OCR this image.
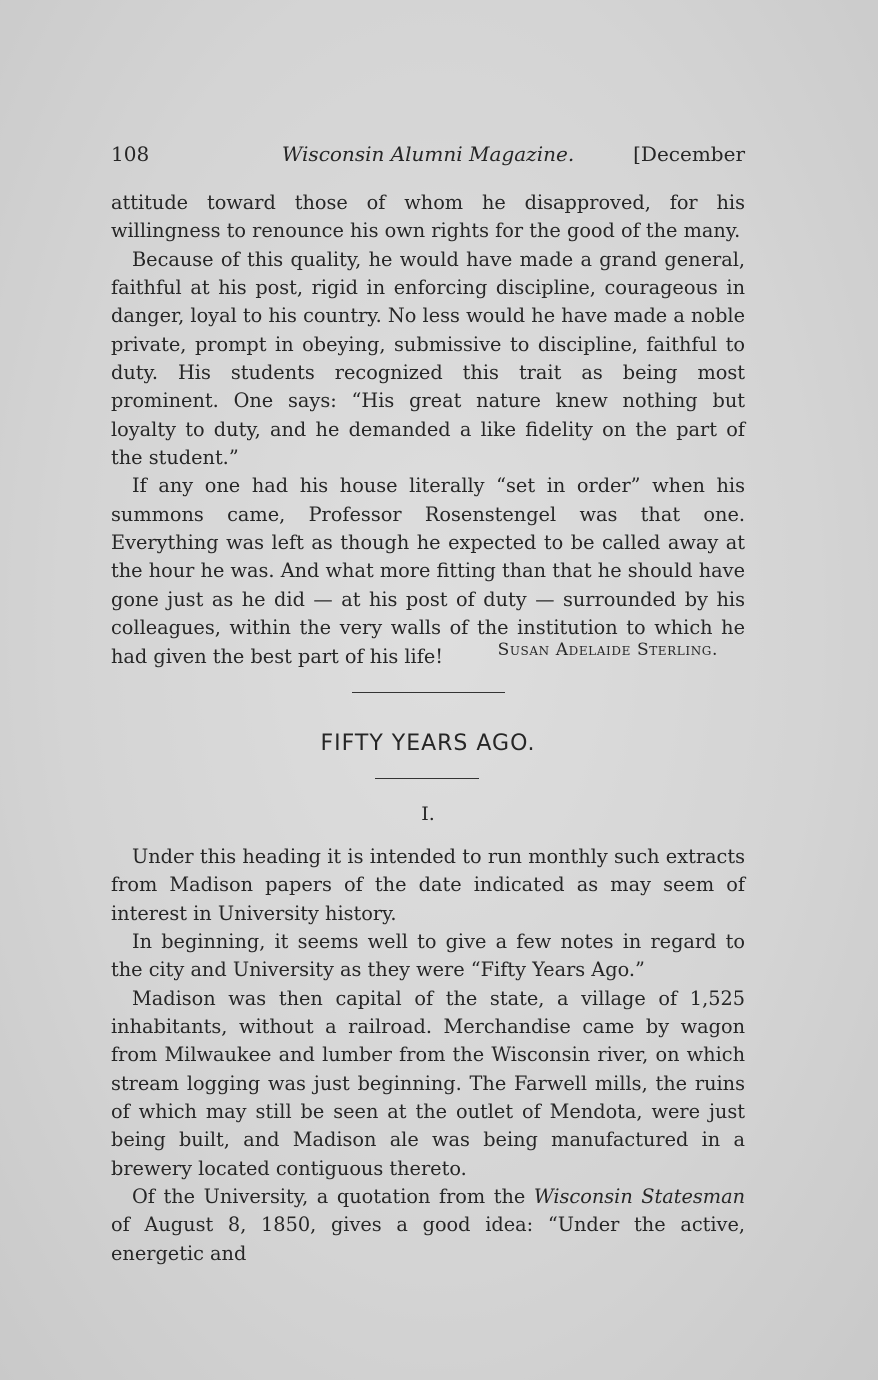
108	Wisconsin Alumni Magazine.	[December

attitude toward those of whom he disapproved, for his willingness to renounce his own rights for the good of the many.

Because of this quality, he would have made a grand general, faithful at his post, rigid in enforcing discipline, courageous in danger, loyal to his country. No less would he have made a noble private, prompt in obeying, submissive to discipline, faithful to duty. His students recognized this trait as being most prominent. One says: “His great nature knew nothing but loyalty to duty, and he demanded a like fidelity on the part of the student.”

If any one had his house literally “set in order” when his summons came, Professor Rosenstengel was that one. Everything was left as though he expected to be called away at the hour he was. And what more fitting than that he should have gone just as he did — at his post of duty — surrounded by his colleagues, within the very walls of the institution to which he had given the best part of his life!	Susan Adelaide Sterling.
FIFTY YEARS AGO.
I.

Under this heading it is intended to run monthly such extracts from Madison papers of the date indicated as may seem of interest in University history.

In beginning, it seems well to give a few notes in regard to the city and University as they were “Fifty Years Ago.”

Madison was then capital of the state, a village of 1,525 inhabitants, without a railroad. Merchandise came by wagon from Milwaukee and lumber from the Wisconsin river, on which stream logging was just beginning. The Farwell mills, the ruins of which may still be seen at the outlet of Mendota, were just being built, and Madison ale was being manufactured in a brewery located contiguous thereto.

Of the University, a quotation from the Wisconsin Statesman of August 8, 1850, gives a good idea: “Under the active, energetic and
